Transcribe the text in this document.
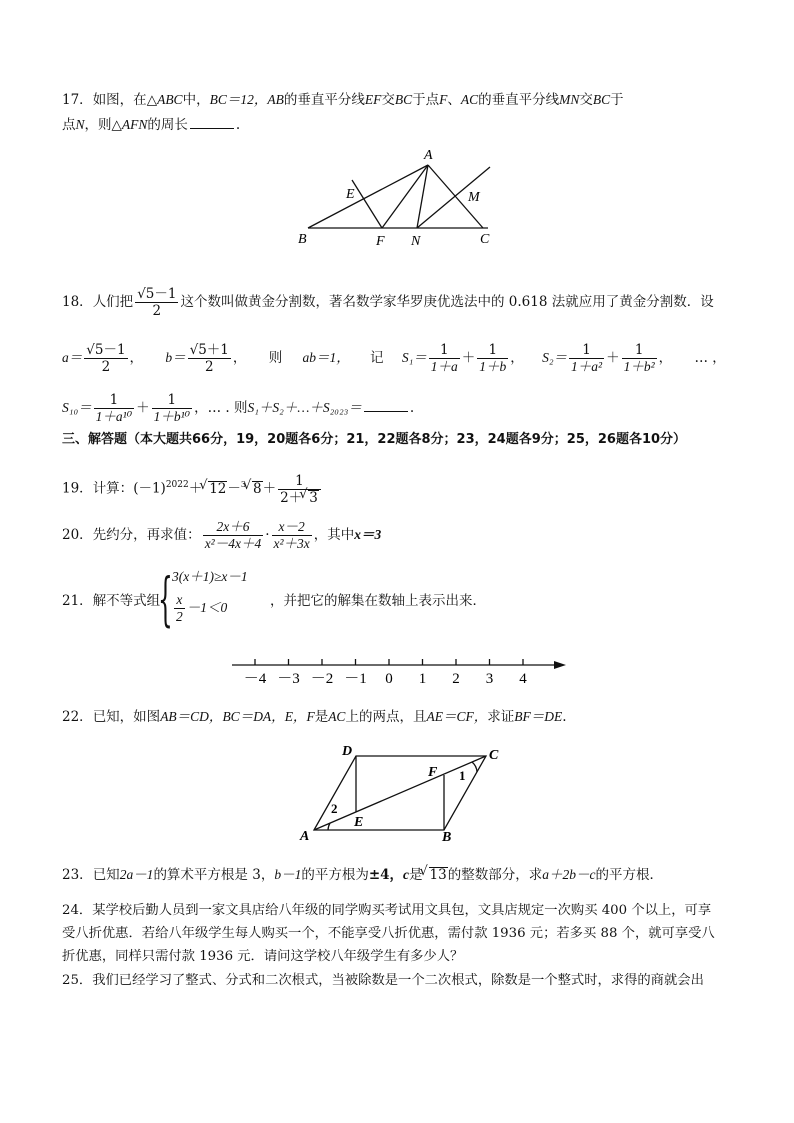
17．如图，在△ABC中，BC＝12，AB的垂直平分线EF交BC于点F、AC的垂直平分线MN交BC于
点N，则△AFN的周长	.
A
B	C
E
F
M
N
18．人们把 $\frac{√5-1}{2}$ 这个数叫做黄金分割数，著名数学家华罗庚优选法中的 0.618 法就应用了黄金分割数．设
$a= \frac{√5-1}{2}$ ， $b= \frac{√5+1}{2}$ ， 则 ab＝1， 记 $S_1= \frac{1}{1+a} + \frac{1}{1+b}$ ， $S_2= \frac{1}{\text{1＋a²}} + \frac{1}{\text{1＋b²}}$ ， … ，
$S_{10}= \frac{1}{\text{1＋a¹⁰}} + \frac{1}{\text{1＋b¹⁰}}$ ，… . 则S₁＋S₂＋…＋S₂₀₂₃＝	.
三、解答题（本大题共66分，19，20题各6分；21，22题各8分；23，24题各9分；25，26题各10分）
19．计算：$(-1)^{2022}+√$ 12－$^3$√ $8+ \frac{1}{2+√ 3}$
20．先约分，再求值： $\frac{2x+6}{\text{x²－4x＋4}} \cdot \frac{x-2}{\text{x²＋3x}}$ ，其中x＝3
21．解不等式组
{ 3(x＋1)≥x－1
$\frac{x}{2} -1<0$	，并把它的解集在数轴上表示出来．
－4 －3 －2 －1 0 1 2 3 4
22．已知，如图AB＝CD，BC＝DA，E，F是AC上的两点，且AE＝CF，求证BF＝DE.
A	B
C
D
E
F 1
2
23．已知2a－1的算术平方根是 3，b－1的平方根为±4，c是√ 13的整数部分，求a＋2b－c的平方根．
24．某学校后勤人员到一家文具店给八年级的同学购买考试用文具包，文具店规定一次购买 400 个以上，可享
受八折优惠．若给八年级学生每人购买一个，不能享受八折优惠，需付款 1936 元；若多买 88 个，就可享受八
折优惠，同样只需付款 1936 元．请问这学校八年级学生有多少人？
25．我们已经学习了整式、分式和二次根式，当被除数是一个二次根式，除数是一个整式时，求得的商就会出
